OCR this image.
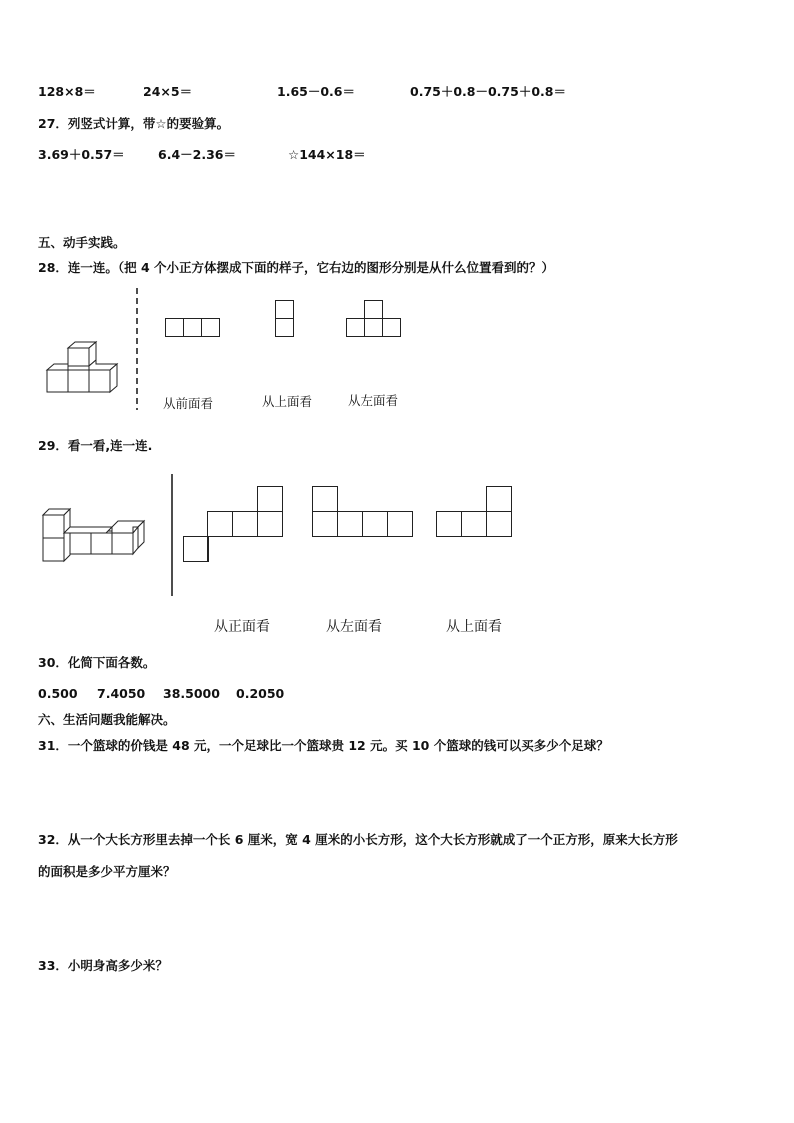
128×8＝	24×5＝	1.65－0.6＝	0.75＋0.8－0.75＋0.8＝
27．列竖式计算，带☆的要验算。
3.69＋0.57＝	6.4－2.36＝	☆144×18＝
五、动手实践。
28．连一连。（把 4 个小正方体摆成下面的样子，它右边的图形分别是从什么位置看到的？）
从前面看	从上面看	从左面看
29．看一看,连一连.
从正面看	从左面看	从上面看
30．化简下面各数。
0.500 7.4050 38.5000 0.2050
六、生活问题我能解决。
31．一个篮球的价钱是 48 元，一个足球比一个篮球贵 12 元。买 10 个篮球的钱可以买多少个足球？
32．从一个大长方形里去掉一个长 6 厘米，宽 4 厘米的小长方形，这个大长方形就成了一个正方形，原来大长方形
的面积是多少平方厘米？
33．小明身高多少米？
